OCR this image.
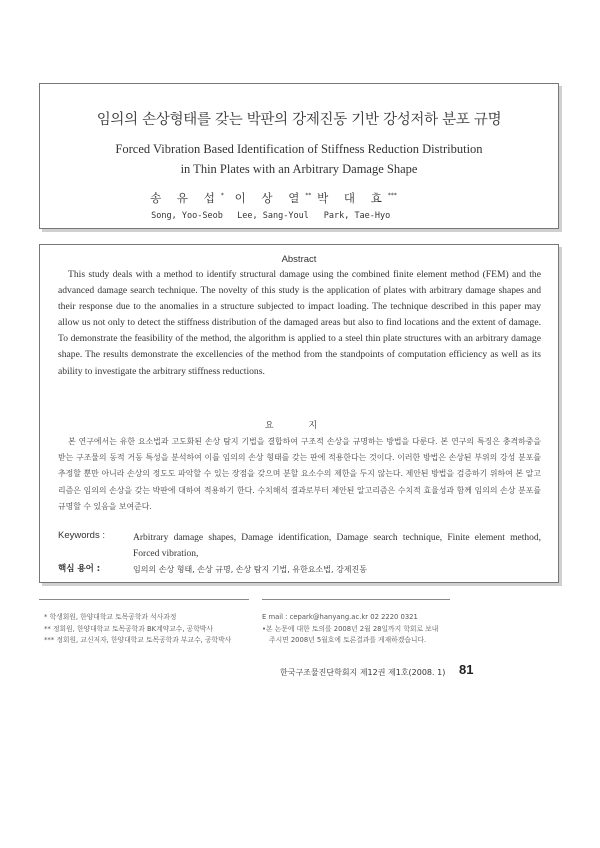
임의의 손상형태를 갖는 박판의 강제진동 기반 강성저하 분포 규명
Forced Vibration Based Identification of Stiffness Reduction Distribution
in Thin Plates with an Arbitrary Damage Shape
송 유 섭*
Song, Yoo-Seob
이 상 열**
Lee, Sang-Youl
박 대 효***
Park, Tae-Hyo
Abstract
This study deals with a method to identify structural damage using the combined finite element method (FEM) and the advanced damage search technique. The novelty of this study is the application of plates with arbitrary damage shapes and their response due to the anomalies in a structure subjected to impact loading. The technique described in this paper may allow us not only to detect the stiffness distribution of the damaged areas but also to find locations and the extent of damage. To demonstrate the feasibility of the method, the algorithm is applied to a steel thin plate structures with an arbitrary damage shape. The results demonstrate the excellencies of the method from the standpoints of computation efficiency as well as its ability to investigate the arbitrary stiffness reductions.
요 지
본 연구에서는 유한 요소법과 고도화된 손상 탐지 기법을 결합하여 구조적 손상을 규명하는 방법을 다룬다. 본 연구의 특징은 충격하중을 받는 구조물의 동적 거동 특성을 분석하여 이를 임의의 손상 형태를 갖는 판에 적용한다는 것이다. 이러한 방법은 손상된 부위의 강성 분포를 추정할 뿐만 아니라 손상의 정도도 파악할 수 있는 장점을 갖으며 분할 요소수의 제한을 두지 않는다. 제안된 방법을 검증하기 위하여 본 알고리즘은 임의의 손상을 갖는 박판에 대하여 적용하기 한다. 수치해석 결과로부터 제안된 알고리즘은 수치적 효율성과 함께 임의의 손상 분포를 규명할 수 있음을 보여준다.
Keywords :	Arbitrary damage shapes, Damage identification, Damage search technique, Finite element method, Forced vibration,
핵심 용어 :	임의의 손상 형태, 손상 규명, 손상 탐지 기법, 유한요소법, 강제진동
* 학생회원, 한양대학교 토목공학과 석사과정
** 정회원, 한양대학교 토목공학과 BK계약교수, 공학박사
*** 정회원, 교신저자, 한양대학교 토목공학과 부교수, 공학박사
E mail : cepark@hanyang.ac.kr 02 2220 0321
•본 논문에 대한 토의를 2008년 2월 28일까지 학회로 보내
주시면 2008년 5월호에 토론결과를 게재하겠습니다.
한국구조물진단학회지 제12권 제1호(2008. 1) 81
